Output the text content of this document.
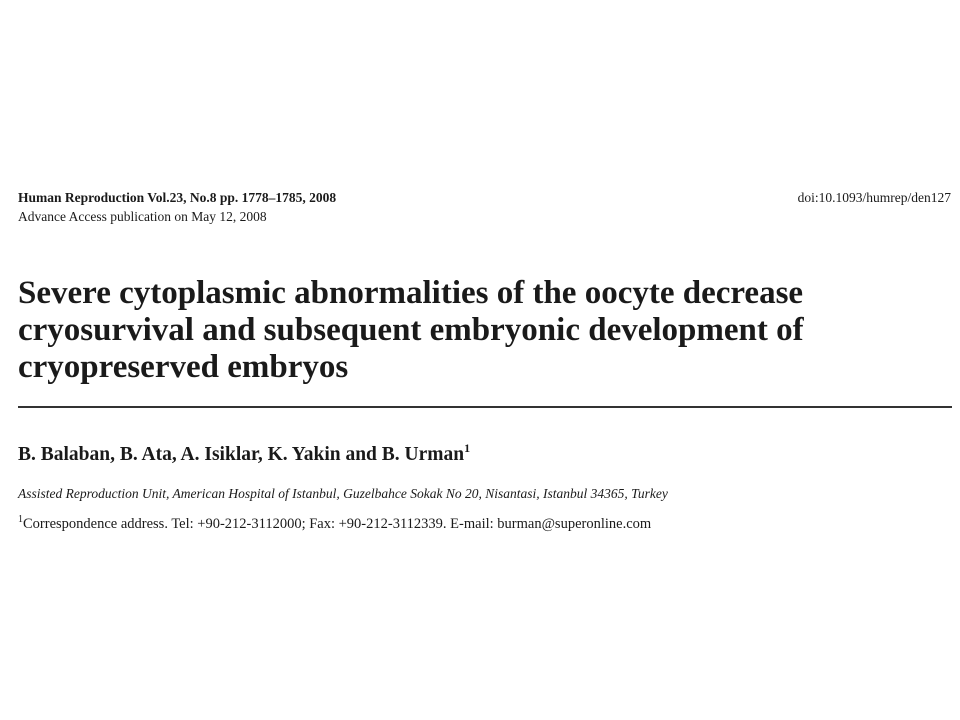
Human Reproduction Vol.23, No.8 pp. 1778–1785, 2008
Advance Access publication on May 12, 2008
doi:10.1093/humrep/den127
Severe cytoplasmic abnormalities of the oocyte decrease cryosurvival and subsequent embryonic development of cryopreserved embryos
B. Balaban, B. Ata, A. Isiklar, K. Yakin and B. Urman$^1$
Assisted Reproduction Unit, American Hospital of Istanbul, Guzelbahce Sokak No 20, Nisantasi, Istanbul 34365, Turkey
$^1$Correspondence address. Tel: +90-212-3112000; Fax: +90-212-3112339. E-mail: burman@superonline.com
